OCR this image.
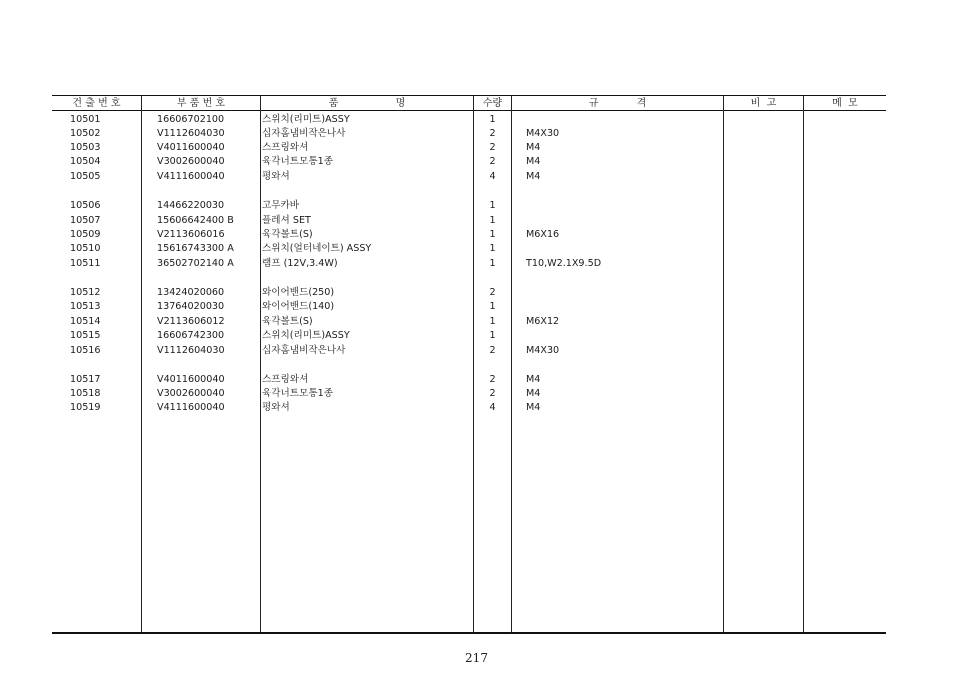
건 출 번 호	부 품 번 호	품                  명	수량	규            격	비  고	메  모
10501	16606702100	스위치(리미트)ASSY	1
10502	V1112604030	십자홈냄비작은나사	2	M4X30
10503	V4011600040	스프링와셔	2	M4
10504	V3002600040	육각너트모통1종	2	M4
10505	V4111600040	평와셔	4	M4
10506	14466220030	고무카바	1
10507	15606642400 B	플레셔 SET	1
10509	V2113606016	육각볼트(S)	1	M6X16
10510	15616743300 A	스위치(얼터네이트) ASSY	1
10511	36502702140 A	램프 (12V,3.4W)	1	T10,W2.1X9.5D
10512	13424020060	와이어밴드(250)	2
10513	13764020030	와이어밴드(140)	1
10514	V2113606012	육각볼트(S)	1	M6X12
10515	16606742300	스위치(리미트)ASSY	1
10516	V1112604030	십자홈냄비작은나사	2	M4X30
10517	V4011600040	스프링와셔	2	M4
10518	V3002600040	육각너트모통1종	2	M4
10519	V4111600040	평와셔	4	M4
217
